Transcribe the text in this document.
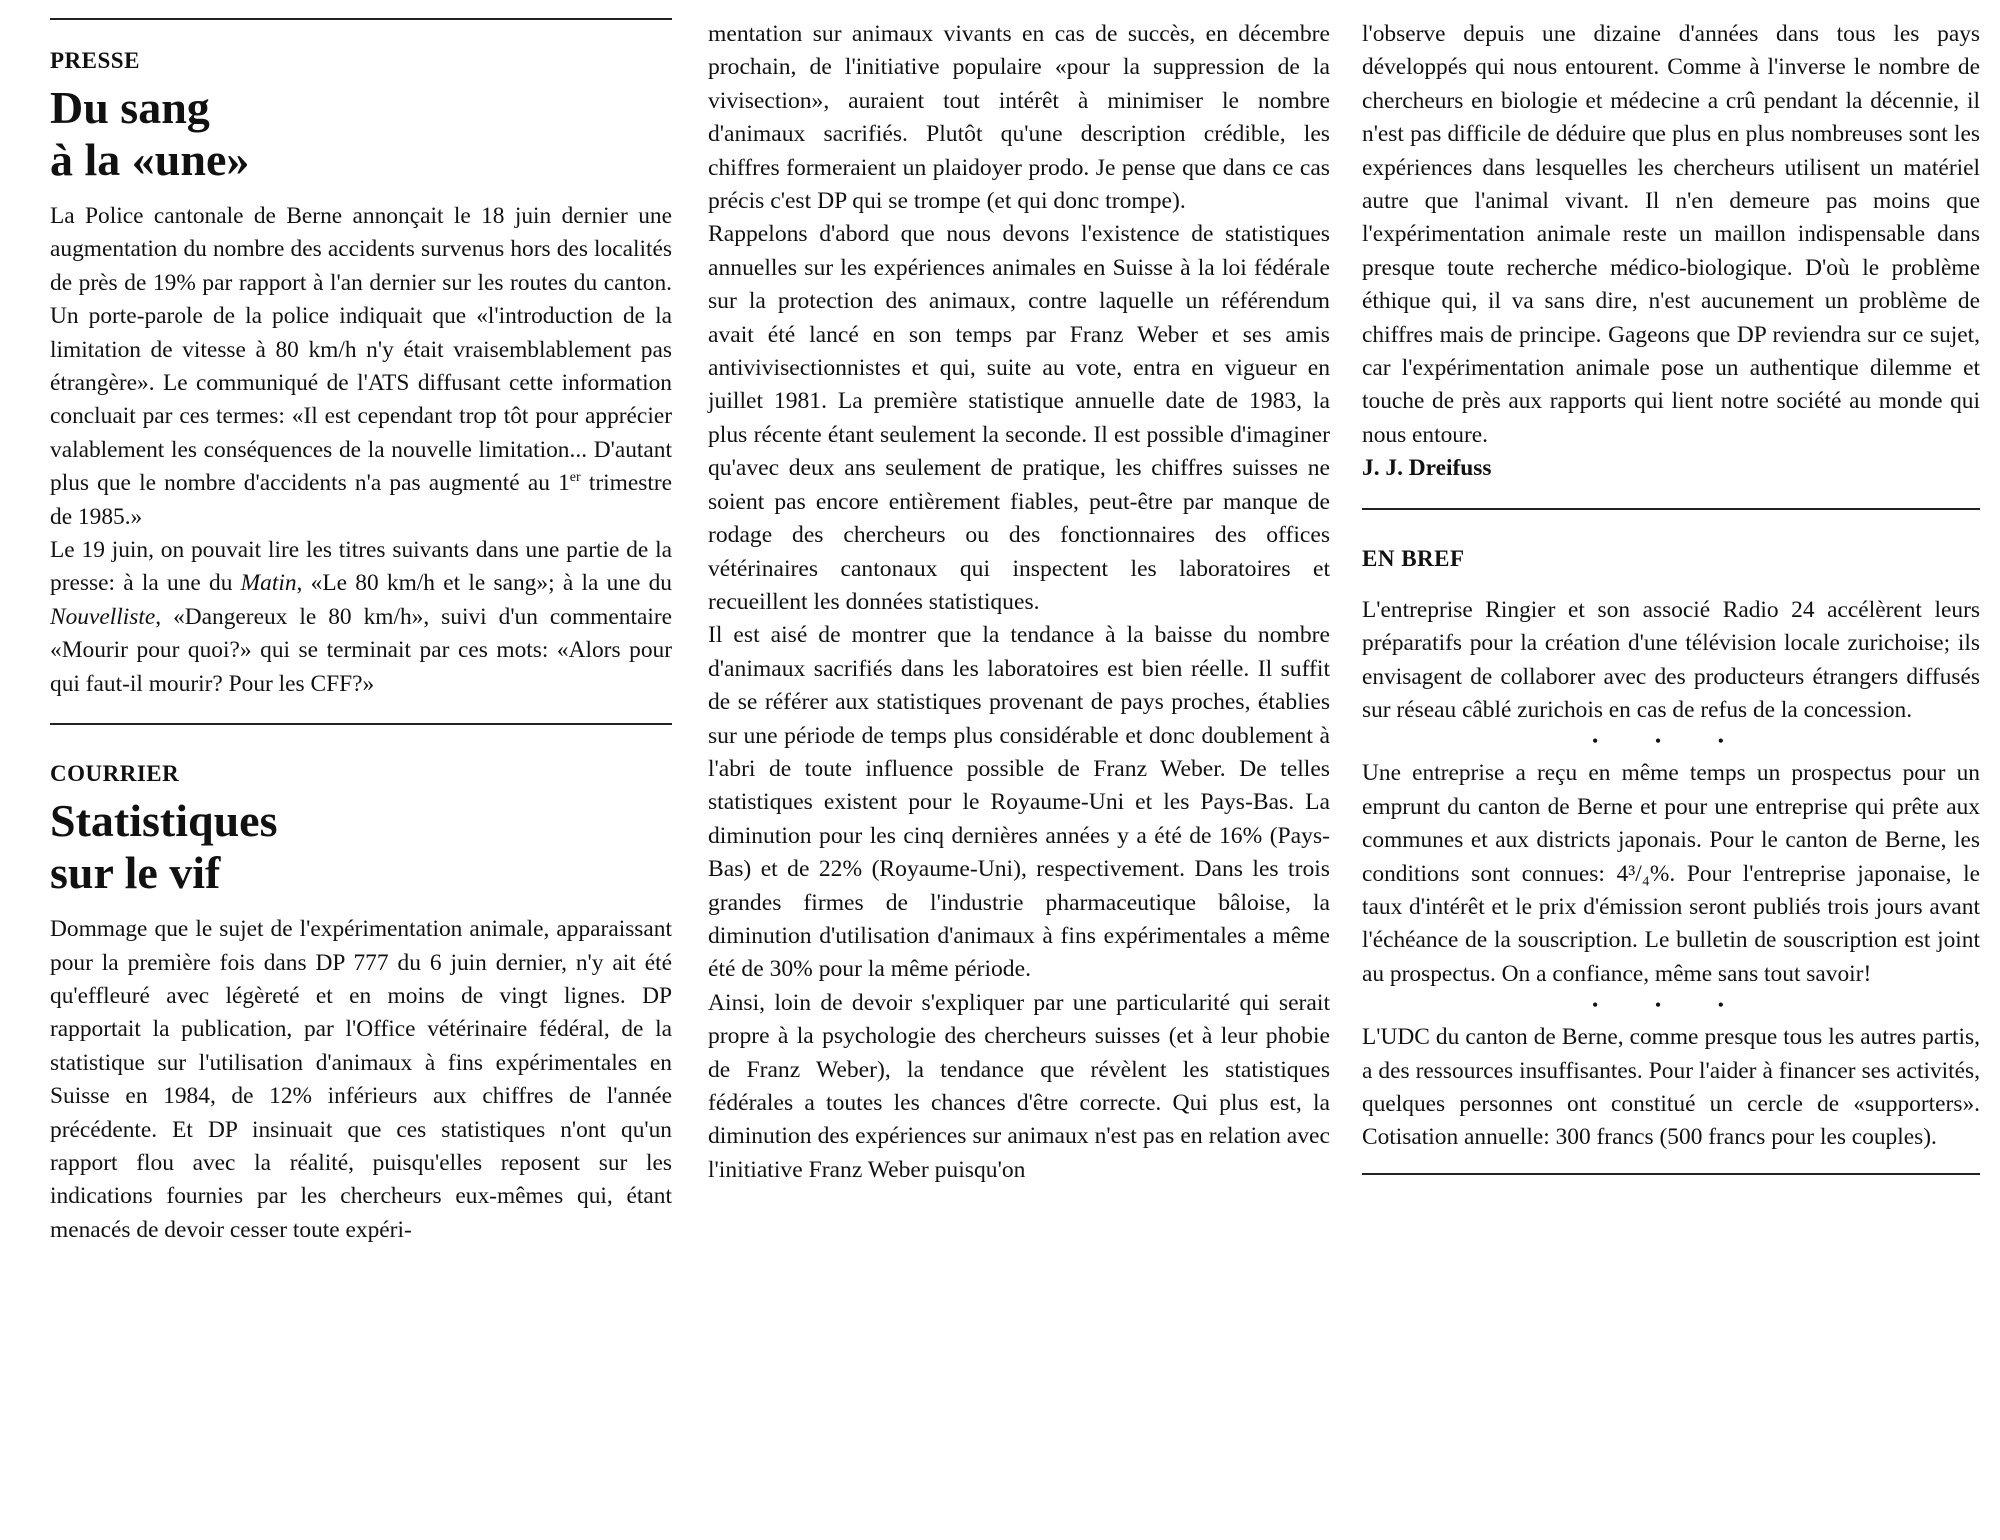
PRESSE
Du sang
à la «une»

La Police cantonale de Berne annonçait le 18 juin dernier une augmentation du nombre des accidents survenus hors des localités de près de 19% par rapport à l'an dernier sur les routes du canton. Un porte-parole de la police indiquait que «l'introduction de la limitation de vitesse à 80 km/h n'y était vraisemblablement pas étrangère». Le communiqué de l'ATS diffusant cette information concluait par ces termes: «Il est cependant trop tôt pour apprécier valablement les conséquences de la nouvelle limitation... D'autant plus que le nombre d'accidents n'a pas augmenté au 1er trimestre de 1985.»

Le 19 juin, on pouvait lire les titres suivants dans une partie de la presse: à la une du Matin, «Le 80 km/h et le sang»; à la une du Nouvelliste, «Dangereux le 80 km/h», suivi d'un commentaire «Mourir pour quoi?» qui se terminait par ces mots: «Alors pour qui faut-il mourir? Pour les CFF?»

COURRIER
Statistiques
sur le vif

Dommage que le sujet de l'expérimentation animale, apparaissant pour la première fois dans DP 777 du 6 juin dernier, n'y ait été qu'effleuré avec légèreté et en moins de vingt lignes. DP rapportait la publication, par l'Office vétérinaire fédéral, de la statistique sur l'utilisation d'animaux à fins expérimentales en Suisse en 1984, de 12% inférieurs aux chiffres de l'année précédente. Et DP insinuait que ces statistiques n'ont qu'un rapport flou avec la réalité, puisqu'elles reposent sur les indications fournies par les chercheurs eux-mêmes qui, étant menacés de devoir cesser toute expéri-

mentation sur animaux vivants en cas de succès, en décembre prochain, de l'initiative populaire «pour la suppression de la vivisection», auraient tout intérêt à minimiser le nombre d'animaux sacrifiés. Plutôt qu'une description crédible, les chiffres formeraient un plaidoyer prodo. Je pense que dans ce cas précis c'est DP qui se trompe (et qui donc trompe).

Rappelons d'abord que nous devons l'existence de statistiques annuelles sur les expériences animales en Suisse à la loi fédérale sur la protection des animaux, contre laquelle un référendum avait été lancé en son temps par Franz Weber et ses amis antivivisectionnistes et qui, suite au vote, entra en vigueur en juillet 1981. La première statistique annuelle date de 1983, la plus récente étant seulement la seconde. Il est possible d'imaginer qu'avec deux ans seulement de pratique, les chiffres suisses ne soient pas encore entièrement fiables, peut-être par manque de rodage des chercheurs ou des fonctionnaires des offices vétérinaires cantonaux qui inspectent les laboratoires et recueillent les données statistiques.

Il est aisé de montrer que la tendance à la baisse du nombre d'animaux sacrifiés dans les laboratoires est bien réelle. Il suffit de se référer aux statistiques provenant de pays proches, établies sur une période de temps plus considérable et donc doublement à l'abri de toute influence possible de Franz Weber. De telles statistiques existent pour le Royaume-Uni et les Pays-Bas. La diminution pour les cinq dernières années y a été de 16% (Pays-Bas) et de 22% (Royaume-Uni), respectivement. Dans les trois grandes firmes de l'industrie pharmaceutique bâloise, la diminution d'utilisation d'animaux à fins expérimentales a même été de 30% pour la même période.

Ainsi, loin de devoir s'expliquer par une particularité qui serait propre à la psychologie des chercheurs suisses (et à leur phobie de Franz Weber), la tendance que révèlent les statistiques fédérales a toutes les chances d'être correcte. Qui plus est, la diminution des expériences sur animaux n'est pas en relation avec l'initiative Franz Weber puisqu'on

l'observe depuis une dizaine d'années dans tous les pays développés qui nous entourent. Comme à l'inverse le nombre de chercheurs en biologie et médecine a crû pendant la décennie, il n'est pas difficile de déduire que plus en plus nombreuses sont les expériences dans lesquelles les chercheurs utilisent un matériel autre que l'animal vivant. Il n'en demeure pas moins que l'expérimentation animale reste un maillon indispensable dans presque toute recherche médico-biologique. D'où le problème éthique qui, il va sans dire, n'est aucunement un problème de chiffres mais de principe. Gageons que DP reviendra sur ce sujet, car l'expérimentation animale pose un authentique dilemme et touche de près aux rapports qui lient notre société au monde qui nous entoure.

J. J. Dreifuss

EN BREF

L'entreprise Ringier et son associé Radio 24 accélèrent leurs préparatifs pour la création d'une télévision locale zurichoise; ils envisagent de collaborer avec des producteurs étrangers diffusés sur réseau câblé zurichois en cas de refus de la concession.

• • •

Une entreprise a reçu en même temps un prospectus pour un emprunt du canton de Berne et pour une entreprise qui prête aux communes et aux districts japonais. Pour le canton de Berne, les conditions sont connues: 4³/₄%. Pour l'entreprise japonaise, le taux d'intérêt et le prix d'émission seront publiés trois jours avant l'échéance de la souscription. Le bulletin de souscription est joint au prospectus. On a confiance, même sans tout savoir!

• • •

L'UDC du canton de Berne, comme presque tous les autres partis, a des ressources insuffisantes. Pour l'aider à financer ses activités, quelques personnes ont constitué un cercle de «supporters». Cotisation annuelle: 300 francs (500 francs pour les couples).
